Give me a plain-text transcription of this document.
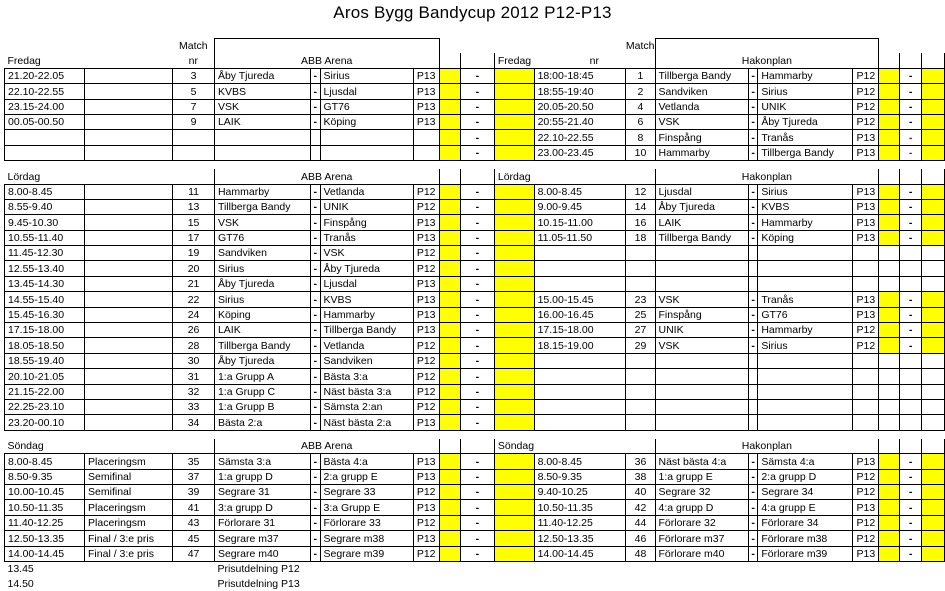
Aros Bygg Bandycup 2012 P12-P13
		Match									Match							
Fredag		nr	ABB Arena						Fredag	nr		Hakonplan						
21.20-22.05		3	Åby Tjureda	-	Sirius	P13		-		18:00-18:45	1	Tillberga Bandy	-	Hammarby	P12		-	
22.10-22.55		5	KVBS	-	Ljusdal	P13		-		18:55-19:40	2	Sandviken	-	Sirius	P12		-	
23.15-24.00		7	VSK	-	GT76	P13		-		20.05-20.50	4	Vetlanda	-	UNIK	P12		-	
00.05-00.50		9	LAIK	-	Köping	P13		-		20:55-21.40	6	VSK	-	Åby Tjureda	P12		-	
								-		22.10-22.55	8	Finspång	-	Tranås	P13		-	
								-		23.00-23.45	10	Hammarby	-	Tillberga Bandy	P13		-	

Lördag			ABB Arena						Lördag			Hakonplan						
8.00-8.45		11	Hammarby	-	Vetlanda	P12		-		8.00-8.45	12	Ljusdal	-	Sirius	P13		-	
8.55-9.40		13	Tillberga Bandy	-	UNIK	P12		-		9.00-9.45	14	Åby Tjureda	-	KVBS	P13		-	
9.45-10.30		15	VSK	-	Finspång	P13		-		10.15-11.00	16	LAIK	-	Hammarby	P13		-	
10.55-11.40		17	GT76	-	Tranås	P13		-		11.05-11.50	18	Tillberga Bandy	-	Köping	P13		-	
11.45-12.30		19	Sandviken	-	VSK	P12		-										
12.55-13.40		20	Sirius	-	Åby Tjureda	P12		-										
13.45-14.30		21	Åby Tjureda	-	Ljusdal	P13		-										
14.55-15.40		22	Sirius	-	KVBS	P13		-		15.00-15.45	23	VSK	-	Tranås	P13		-	
15.45-16.30		24	Köping	-	Hammarby	P13		-		16.00-16.45	25	Finspång	-	GT76	P13		-	
17.15-18.00		26	LAIK	-	Tillberga Bandy	P13		-		17.15-18.00	27	UNIK	-	Hammarby	P12		-	
18.05-18.50		28	Tillberga Bandy	-	Vetlanda	P12		-		18.15-19.00	29	VSK	-	Sirius	P12		-	
18.55-19.40		30	Åby Tjureda	-	Sandviken	P12		-										
20.10-21.05		31	1:a Grupp A	-	Bästa 3:a	P12		-										
21.15-22.00		32	1:a Grupp C	-	Näst bästa 3:a	P12		-										
22.25-23.10		33	1:a Grupp B	-	Sämsta 2:an	P12		-										
23.20-00.10		34	Bästa 2:a	-	Näst bästa 2:a	P13		-										

Söndag			ABB Arena						Söndag			Hakonplan						
8.00-8.45	Placeringsm	35	Sämsta 3:a	-	Bästa 4:a	P13		-		8.00-8.45	36	Näst bästa 4:a	-	Sämsta 4:a	P13		-	
8.50-9.35	Semifinal	37	1:a grupp D	-	2:a grupp E	P13		-		8.50-9.35	38	1:a grupp E	-	2:a grupp D	P12		-	
10.00-10.45	Semifinal	39	Segrare 31	-	Segrare 33	P12		-		9.40-10.25	40	Segrare 32	-	Segrare 34	P12		-	
10.50-11.35	Placeringsm	41	3:a grupp D	-	3:a Grupp E	P13		-		10.50-11.35	42	4:a grupp D	-	4:a grupp E	P13		-	
11.40-12.25	Placeringsm	43	Förlorare 31	-	Förlorare 33	P12		-		11.40-12.25	44	Förlorare 32	-	Förlorare 34	P12		-	
12.50-13.35	Final / 3:e pris	45	Segrare m37	-	Segrare m38	P13		-		12.50-13.35	46	Förlorare m37	-	Förlorare m38	P12		-	
14.00-14.45	Final / 3:e pris	47	Segrare m40	-	Segrare m39	P12		-		14.00-14.45	48	Förlorare m40	-	Förlorare m39	P13		-	
13.45			Prisutdelning P12															
14.50			Prisutdelning P13															
